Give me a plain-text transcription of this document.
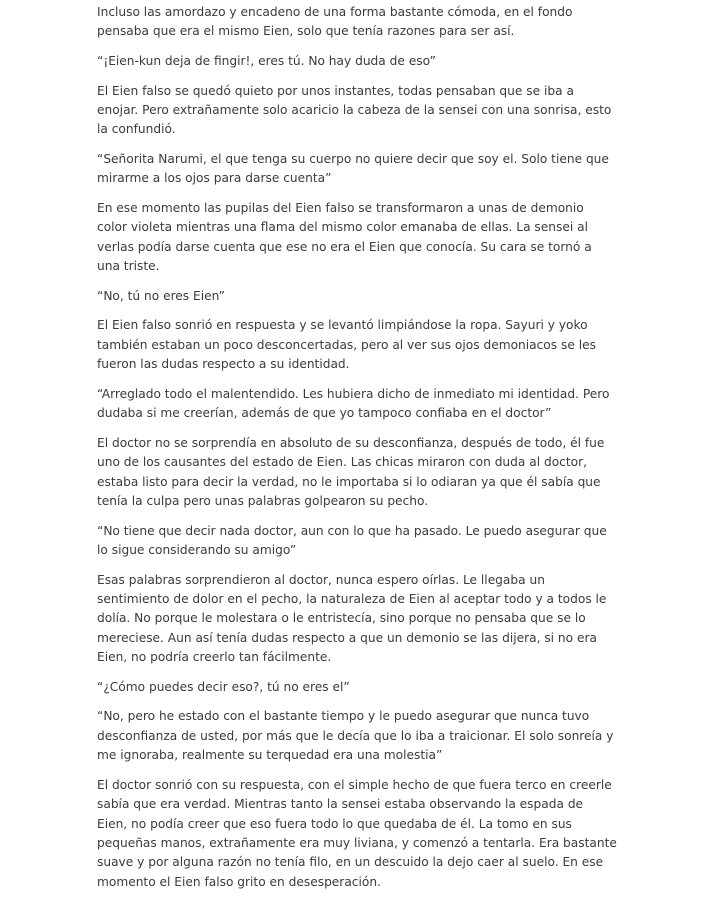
Incluso las amordazo y encadeno de una forma bastante cómoda, en el fondo pensaba que era el mismo Eien, solo que tenía razones para ser así.

“¡Eien-kun deja de fingir!, eres tú. No hay duda de eso”

El Eien falso se quedó quieto por unos instantes, todas pensaban que se iba a enojar. Pero extrañamente solo acaricio la cabeza de la sensei con una sonrisa, esto la confundió.

“Señorita Narumi, el que tenga su cuerpo no quiere decir que soy el. Solo tiene que mirarme a los ojos para darse cuenta”

En ese momento las pupilas del Eien falso se transformaron a unas de demonio color violeta mientras una flama del mismo color emanaba de ellas. La sensei al verlas podía darse cuenta que ese no era el Eien que conocía. Su cara se tornó a una triste.

“No, tú no eres Eien”

El Eien falso sonrió en respuesta y se levantó limpiándose la ropa. Sayuri y yoko también estaban un poco desconcertadas, pero al ver sus ojos demoniacos se les fueron las dudas respecto a su identidad.

“Arreglado todo el malentendido. Les hubiera dicho de inmediato mi identidad. Pero dudaba si me creerían, además de que yo tampoco confiaba en el doctor”

El doctor no se sorprendía en absoluto de su desconfianza, después de todo, él fue uno de los causantes del estado de Eien. Las chicas miraron con duda al doctor, estaba listo para decir la verdad, no le importaba si lo odiaran ya que él sabía que tenía la culpa pero unas palabras golpearon su pecho.

“No tiene que decir nada doctor, aun con lo que ha pasado. Le puedo asegurar que lo sigue considerando su amigo”

Esas palabras sorprendieron al doctor, nunca espero oírlas. Le llegaba un sentimiento de dolor en el pecho, la naturaleza de Eien al aceptar todo y a todos le dolía. No porque le molestara o le entristecía, sino porque no pensaba que se lo mereciese. Aun así tenía dudas respecto a que un demonio se las dijera, si no era Eien, no podría creerlo tan fácilmente.

“¿Cómo puedes decir eso?, tú no eres el”

“No, pero he estado con el bastante tiempo y le puedo asegurar que nunca tuvo desconfianza de usted, por más que le decía que lo iba a traicionar. El solo sonreía y me ignoraba, realmente su terquedad era una molestia”

El doctor sonrió con su respuesta, con el simple hecho de que fuera terco en creerle sabía que era verdad. Mientras tanto la sensei estaba observando la espada de Eien, no podía creer que eso fuera todo lo que quedaba de él. La tomo en sus pequeñas manos, extrañamente era muy liviana, y comenzó a tentarla. Era bastante suave y por alguna razón no tenía filo, en un descuido la dejo caer al suelo. En ese momento el Eien falso grito en desesperación.
